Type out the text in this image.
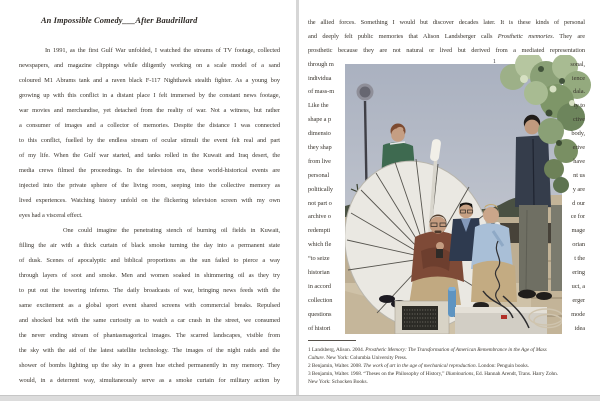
An Impossible Comedy___After Baudrillard
In 1991, as the first Gulf War unfolded, I watched the streams of TV footage, collected
newspapers, and magazine clippings while diligently working on a scale model of a sand
coloured M1 Abrams tank and a raven black F-117 Nighthawk stealth fighter. As a young boy
growing up with this conflict in a distant place I felt immersed by the constant news footage,
war movies and merchandise, yet detached from the reality of war. Not a witness, but rather
a consumer of images and a collector of memories. Despite the distance I was connected
to this conflict, fuelled by the endless stream of ocular stimuli the event felt real and part
of my life. When the Gulf war started, and tanks rolled in the Kuwait and Iraq desert, the
media crews filmed the proceedings. In the television era, these world-historical events are
injected into the private sphere of the living room, seeping into the collective memory as
lived experiences. Watching history unfold on the flickering television screen with my own
eyes had a visceral effect.
One could imagine the penetrating stench of burning oil fields in Kuwait,
filling the air with a thick curtain of black smoke turning the day into a permanent state
of dusk. Scenes of apocalyptic and biblical proportions as the sun failed to pierce a way
through layers of soot and smoke. Men and women soaked in shimmering oil as they try
to put out the towering inferno. The daily broadcasts of war, bringing news feeds with the
same excitement as a global sport event shared screens with commercial breaks. Repulsed
and shocked but with the same curiosity as to watch a car crash in the street, we consumed
the never ending stream of phantasmagorical images. The scarred landscapes, visible from
the sky with the aid of the latest satellite technology. The images of the night raids and the
shower of bombs lighting up the sky in a green hue etched permanently in my memory. They
would, in a deterrent way, simultaneously serve as a smoke curtain for military action by
the allied forces. Something I would but discover decades later. It is these kinds of personal
and deeply felt public memories that Alison Landsberger calls Prosthetic memories. They are
prosthetic because they are not natural or lived but derived from a mediated representation
through m	sonal,
individua	ience
of mass-m	dala.
Like the	ty to
shape a p	ctive
dimensio	body,
they shap	erive
from live	have
personal	nt us
politically	y are
not part o	d our
archive o	ce for
redempti	mage
which fle	orian
“to seize	t the
historian	ering
in accord	uct, a
collection	erger
questions	mode
of histori	idea
1 Landsberg, Alison. 2004. Prosthetic Memory: The Transformation of American Remembrance in the Age of Mass
Culture. New York: Columbia University Press.
2 Benjamin, Walter. 2008. The work of art in the age of mechanical reproduction. London: Penguin books.
3 Benjamin, Walter. 1968. “Theses on the Philosophy of History,” Illuminations, Ed. Hannah Arendt, Trans. Harry Zohn.
New York: Schocken Books.
1
